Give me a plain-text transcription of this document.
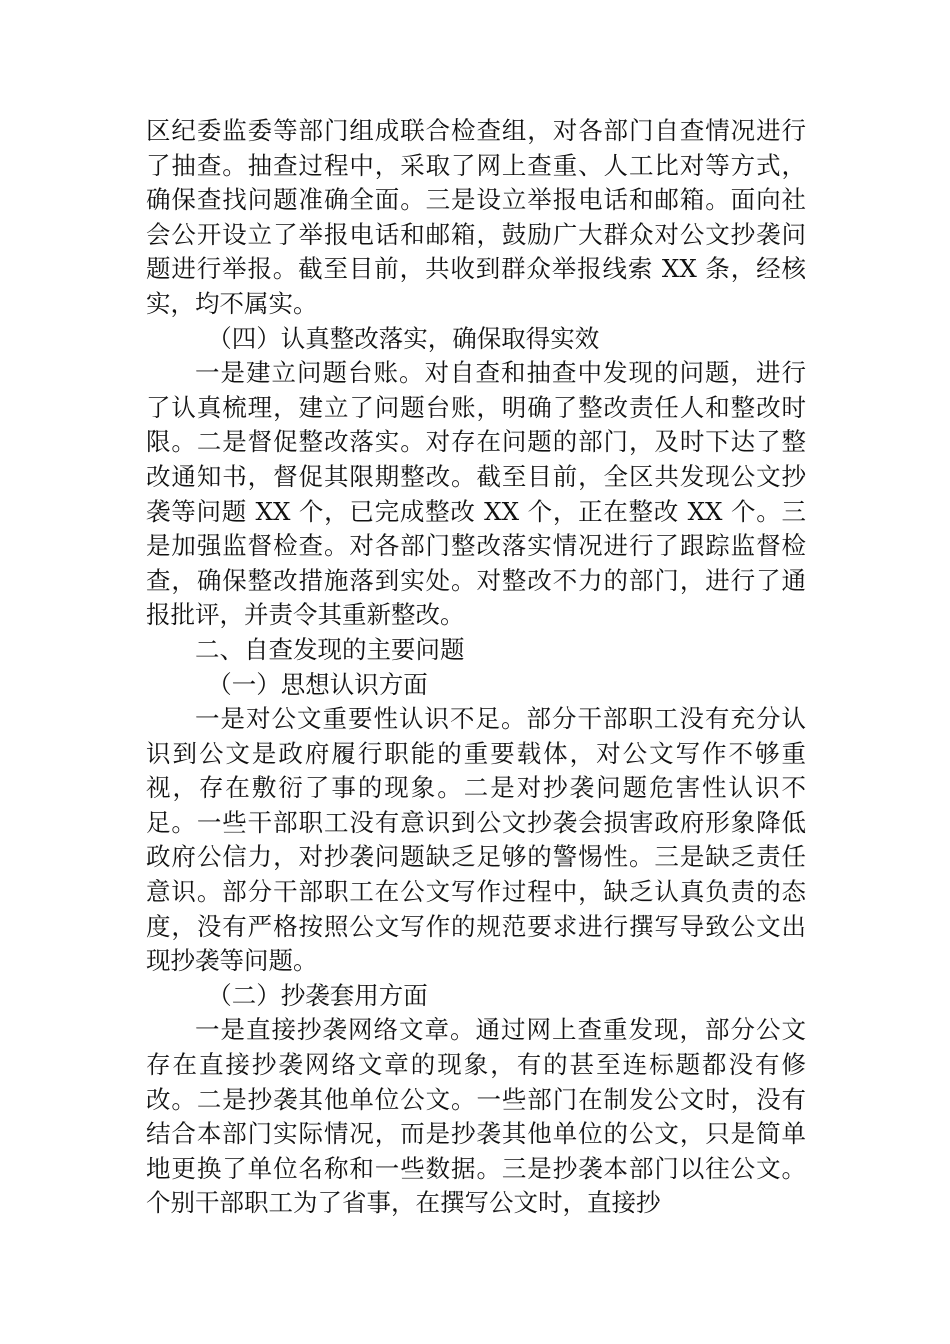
区纪委监委等部门组成联合检查组，对各部门自查情况进行了抽查。抽查过程中，采取了网上查重、人工比对等方式，确保查找问题准确全面。三是设立举报电话和邮箱。面向社会公开设立了举报电话和邮箱，鼓励广大群众对公文抄袭问题进行举报。截至目前，共收到群众举报线索 XX 条，经核实，均不属实。

（四）认真整改落实，确保取得实效

一是建立问题台账。对自查和抽查中发现的问题，进行了认真梳理，建立了问题台账，明确了整改责任人和整改时限。二是督促整改落实。对存在问题的部门，及时下达了整改通知书，督促其限期整改。截至目前，全区共发现公文抄袭等问题 XX 个，已完成整改 XX 个，正在整改 XX 个。三是加强监督检查。对各部门整改落实情况进行了跟踪监督检查，确保整改措施落到实处。对整改不力的部门，进行了通报批评，并责令其重新整改。

二、自查发现的主要问题

（一）思想认识方面

一是对公文重要性认识不足。部分干部职工没有充分认识到公文是政府履行职能的重要载体，对公文写作不够重视，存在敷衍了事的现象。二是对抄袭问题危害性认识不足。一些干部职工没有意识到公文抄袭会损害政府形象降低政府公信力，对抄袭问题缺乏足够的警惕性。三是缺乏责任意识。部分干部职工在公文写作过程中，缺乏认真负责的态度，没有严格按照公文写作的规范要求进行撰写导致公文出现抄袭等问题。

（二）抄袭套用方面

一是直接抄袭网络文章。通过网上查重发现，部分公文存在直接抄袭网络文章的现象，有的甚至连标题都没有修改。二是抄袭其他单位公文。一些部门在制发公文时，没有结合本部门实际情况，而是抄袭其他单位的公文，只是简单地更换了单位名称和一些数据。三是抄袭本部门以往公文。个别干部职工为了省事，在撰写公文时，直接抄
